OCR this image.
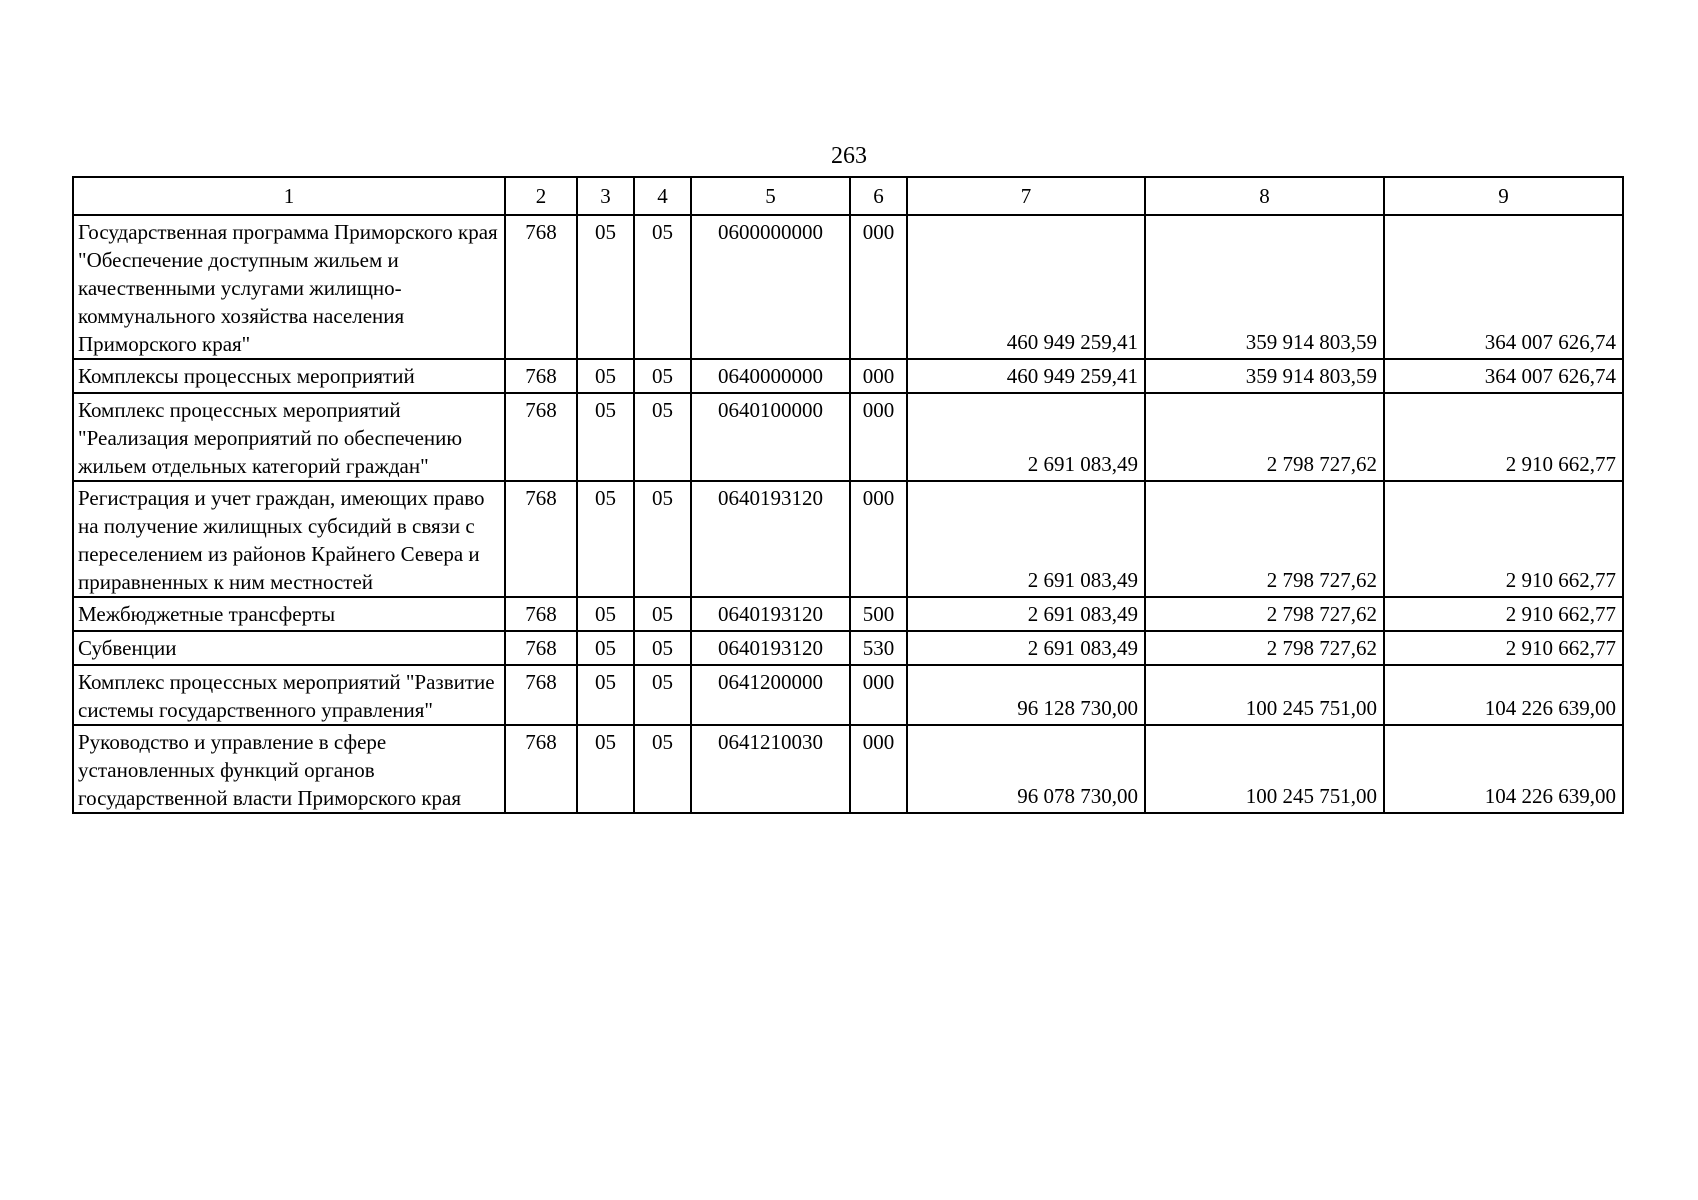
263
1	2	3	4	5	6	7	8	9
Государственная программа Приморского края "Обеспечение доступным жильем и качественными услугами жилищно-коммунального хозяйства населения Приморского края"	768	05	05	0600000000	000	460 949 259,41	359 914 803,59	364 007 626,74
Комплексы процессных мероприятий	768	05	05	0640000000	000	460 949 259,41	359 914 803,59	364 007 626,74
Комплекс процессных мероприятий "Реализация мероприятий по обеспечению жильем отдельных категорий граждан"	768	05	05	0640100000	000	2 691 083,49	2 798 727,62	2 910 662,77
Регистрация и учет граждан, имеющих право на получение жилищных субсидий в связи с переселением из районов Крайнего Севера и приравненных к ним местностей	768	05	05	0640193120	000	2 691 083,49	2 798 727,62	2 910 662,77
Межбюджетные трансферты	768	05	05	0640193120	500	2 691 083,49	2 798 727,62	2 910 662,77
Субвенции	768	05	05	0640193120	530	2 691 083,49	2 798 727,62	2 910 662,77
Комплекс процессных мероприятий "Развитие системы государственного управления"	768	05	05	0641200000	000	96 128 730,00	100 245 751,00	104 226 639,00
Руководство и управление в сфере установленных функций органов государственной власти Приморского края	768	05	05	0641210030	000	96 078 730,00	100 245 751,00	104 226 639,00
